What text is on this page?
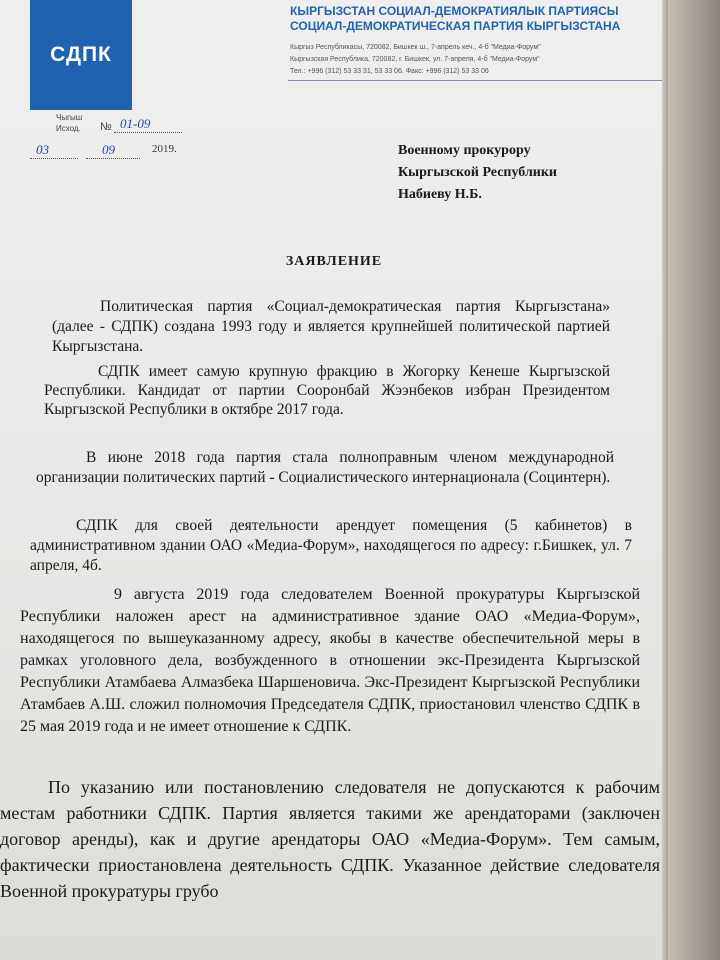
СДПК
КЫРГЫЗСТАН СОЦИАЛ-ДЕМОКРАТИЯЛЫК ПАРТИЯСЫ
СОЦИАЛ-ДЕМОКРАТИЧЕСКАЯ ПАРТИЯ КЫРГЫЗСТАНА
Кыргыз Республикасы, 720082, Бишкек ш., 7-апрель кеч., 4-б "Медиа-Форум"
Кыргызская Республика, 720082, г. Бишкек, ул. 7-апреля, 4-б "Медиа-Форум"
Тел.: +996 (312) 53 33 31, 53 33 06. Факс: +996 (312) 53 33 06
Чыгыш
Исход. № 01-09
03	09	2019.	Военному прокурору
Кыргызской Республики
Набиеву Н.Б.
ЗАЯВЛЕНИЕ
Политическая партия «Социал-демократическая партия Кыргызстана» (далее - СДПК) создана 1993 году и является крупнейшей политической партией Кыргызстана.
СДПК имеет самую крупную фракцию в Жогорку Кенеше Кыргызской Республики. Кандидат от партии Сооронбай Жээнбеков избран Президентом Кыргызской Республики в октябре 2017 года.
В июне 2018 года партия стала полноправным членом международной организации политических партий - Социалистического интернационала (Социнтерн).
СДПК для своей деятельности арендует помещения (5 кабинетов) в административном здании ОАО «Медиа-Форум», находящегося по адресу: г.Бишкек, ул. 7 апреля, 4б.
9 августа 2019 года следователем Военной прокуратуры Кыргызской Республики наложен арест на административное здание ОАО «Медиа-Форум», находящегося по вышеуказанному адресу, якобы в качестве обеспечительной меры в рамках уголовного дела, возбужденного в отношении экс-Президента Кыргызской Республики Атамбаева Алмазбека Шаршеновича. Экс-Президент Кыргызской Республики Атамбаев А.Ш. сложил полномочия Председателя СДПК, приостановил членство СДПК в 25 мая 2019 года и не имеет отношение к СДПК.
По указанию или постановлению следователя не допускаются к рабочим местам работники СДПК. Партия является такими же арендаторами (заключен договор аренды), как и другие арендаторы ОАО «Медиа-Форум». Тем самым, фактически приостановлена деятельность СДПК. Указанное действие следователя Военной прокуратуры грубо
